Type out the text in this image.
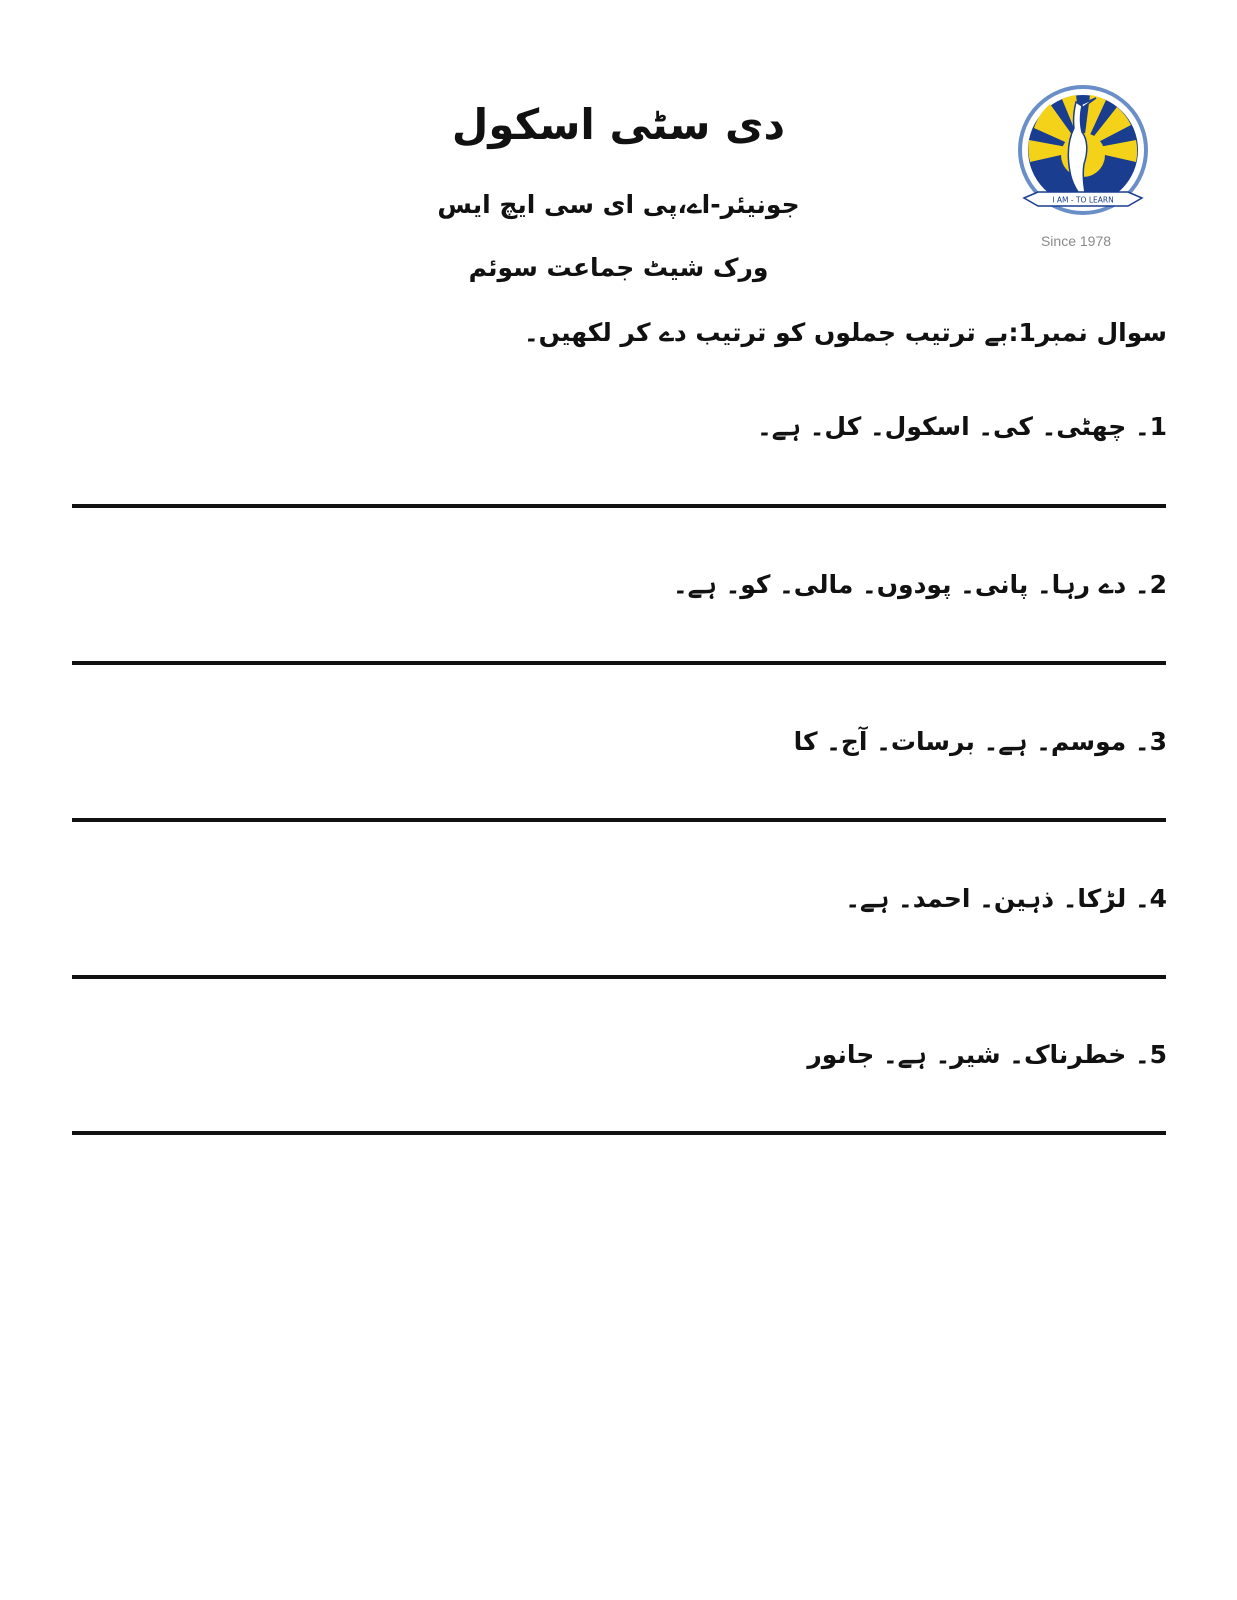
دی سٹی اسکول
جونیئر-اے،پی ای سی ایچ ایس
ورک شیٹ جماعت سوئم
I AM - TO LEARN
Since 1978
سوال نمبر1:بے ترتیب جملوں کو ترتیب دے کر لکھیں۔
1۔ چھٹی۔ کی۔ اسکول۔ کل۔ ہے۔
2۔ دے رہا۔ پانی۔ پودوں۔ مالی۔ کو۔ ہے۔
3۔ موسم۔ ہے۔ برسات۔ آج۔ کا
4۔ لڑکا۔ ذہین۔ احمد۔ ہے۔
5۔ خطرناک۔ شیر۔ ہے۔ جانور
